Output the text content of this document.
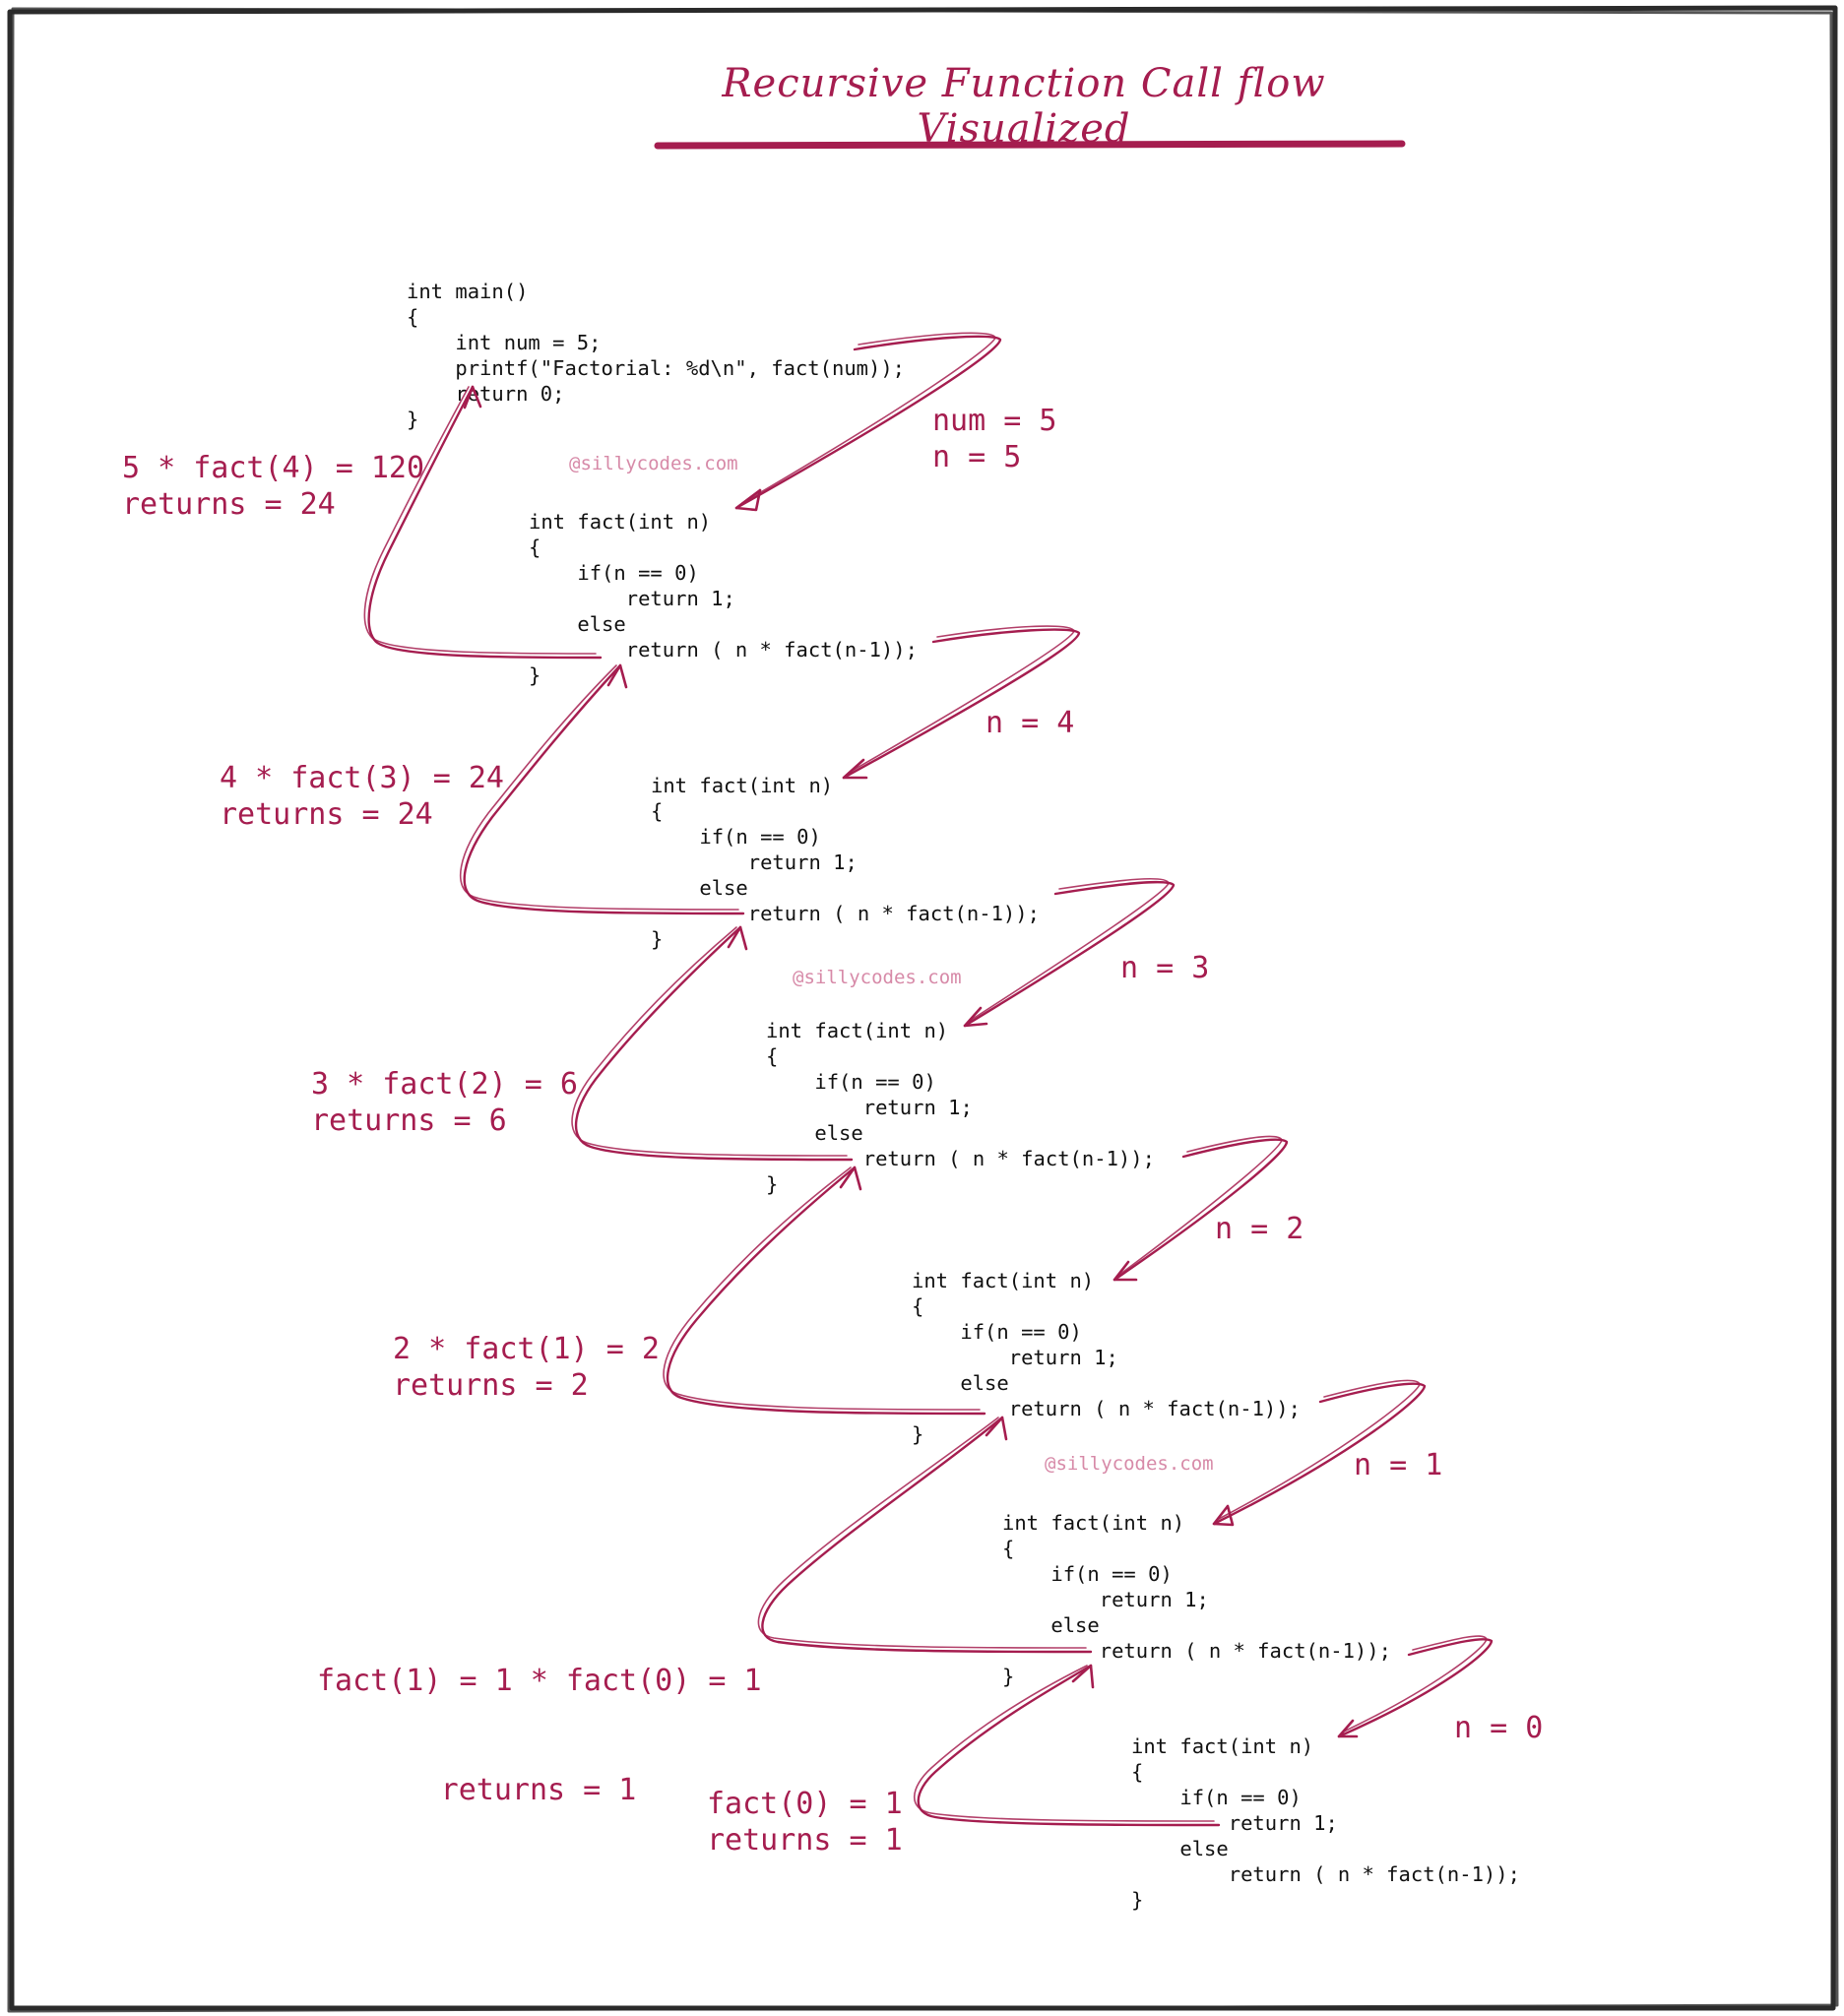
Recursive Function Call flow Visualized
int main()
{
int num = 5;
printf("Factorial: %d\n", fact(num));
return 0;
}
int fact(int n)
{
if(n == 0)
return 1;
else
return ( n * fact(n-1));
}
int fact(int n)
{
if(n == 0)
return 1;
else
return ( n * fact(n-1));
}
int fact(int n)
{
if(n == 0)
return 1;
else
return ( n * fact(n-1));
}
int fact(int n)
{
if(n == 0)
return 1;
else
return ( n * fact(n-1));
}
int fact(int n)
{
if(n == 0)
return 1;
else
return ( n * fact(n-1));
}
int fact(int n)
{
if(n == 0)
return 1;
else
return ( n * fact(n-1));
}
@sillycodes.com
@sillycodes.com
@sillycodes.com
num = 5
n = 5
n = 4
n = 3
n = 2
n = 1
n = 0
5 * fact(4) = 120
returns = 24
4 * fact(3) = 24
returns = 24
3 * fact(2) = 6
returns = 6
2 * fact(1) = 2
returns = 2

fact(1) = 1 * fact(0) = 1

returns = 1	fact(0) = 1
returns = 1
